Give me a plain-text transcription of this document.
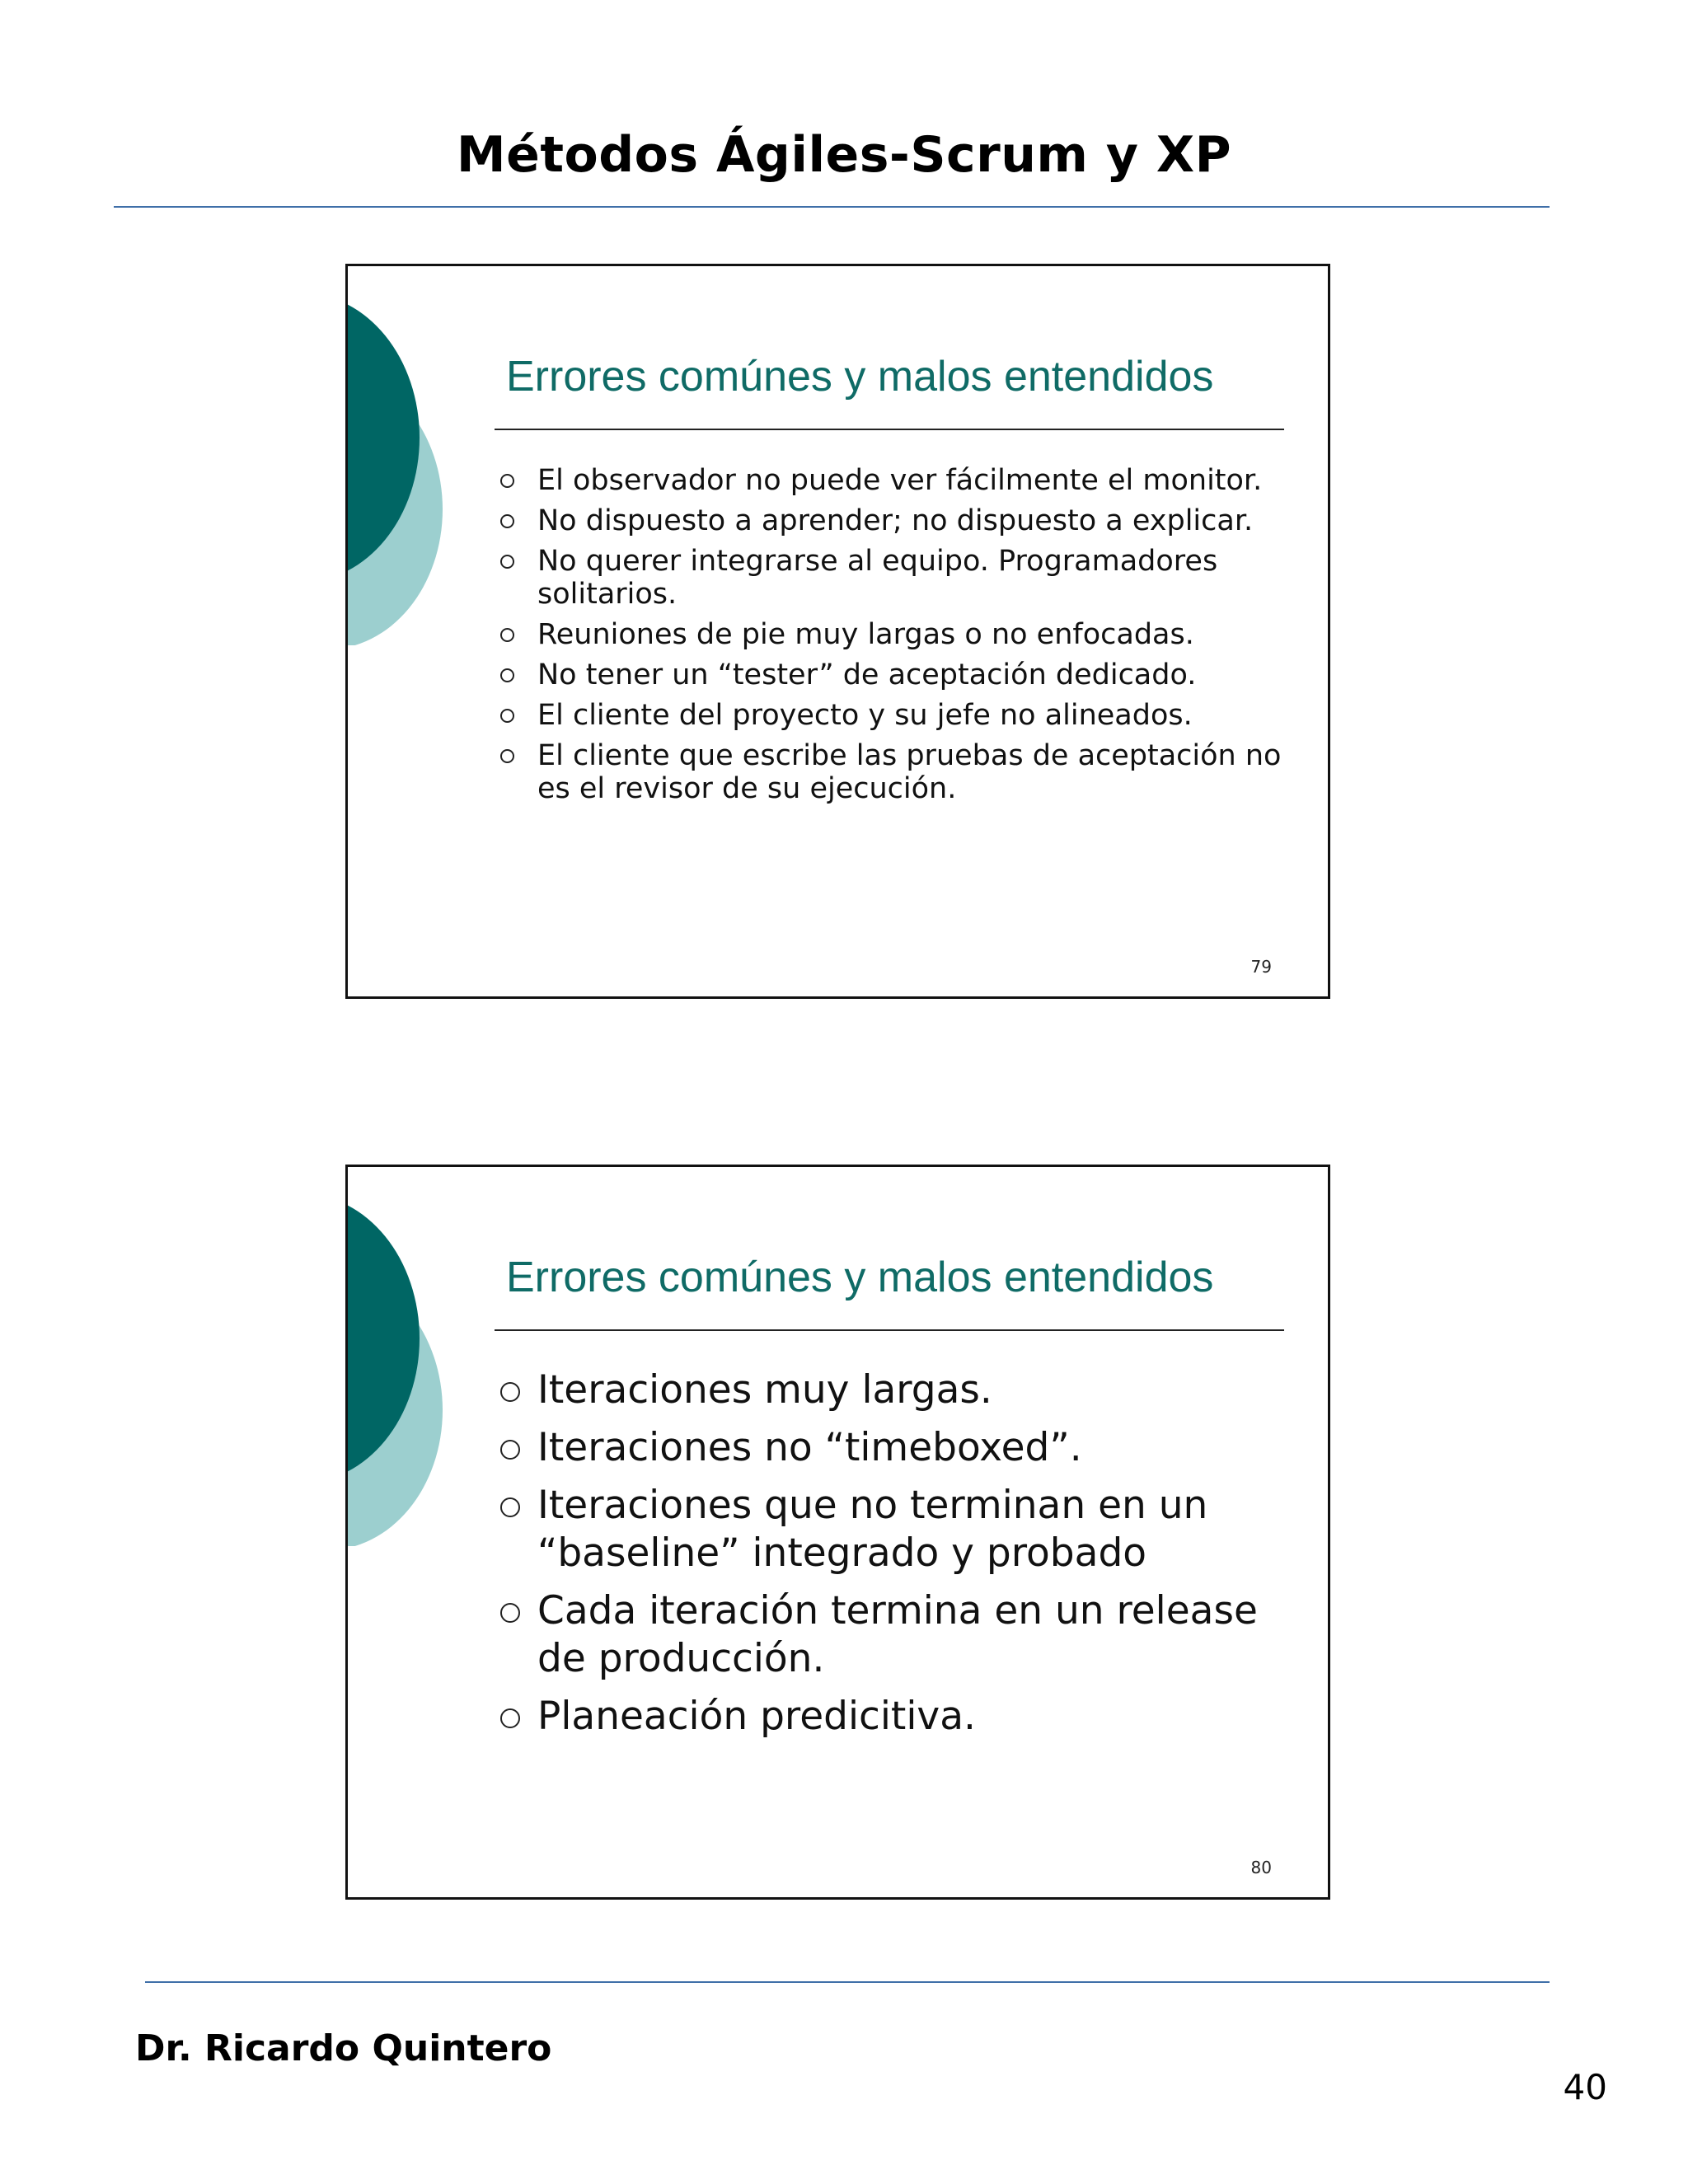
Métodos Ágiles-Scrum y XP
Errores comúnes y malos entendidos
El observador no puede ver fácilmente el monitor.
No dispuesto a aprender; no dispuesto a explicar.
No querer integrarse al equipo. Programadores solitarios.
Reuniones de pie muy largas o no enfocadas.
No tener un “tester” de aceptación dedicado.
El cliente del proyecto y su jefe no alineados.
El cliente que escribe las pruebas de aceptación no es el revisor de su ejecución.
79
Errores comúnes y malos entendidos
Iteraciones muy largas.
Iteraciones no “timeboxed”.
Iteraciones que no terminan en un “baseline” integrado y probado
Cada iteración termina en un release de producción.
Planeación predicitiva.
80
Dr. Ricardo Quintero
40
